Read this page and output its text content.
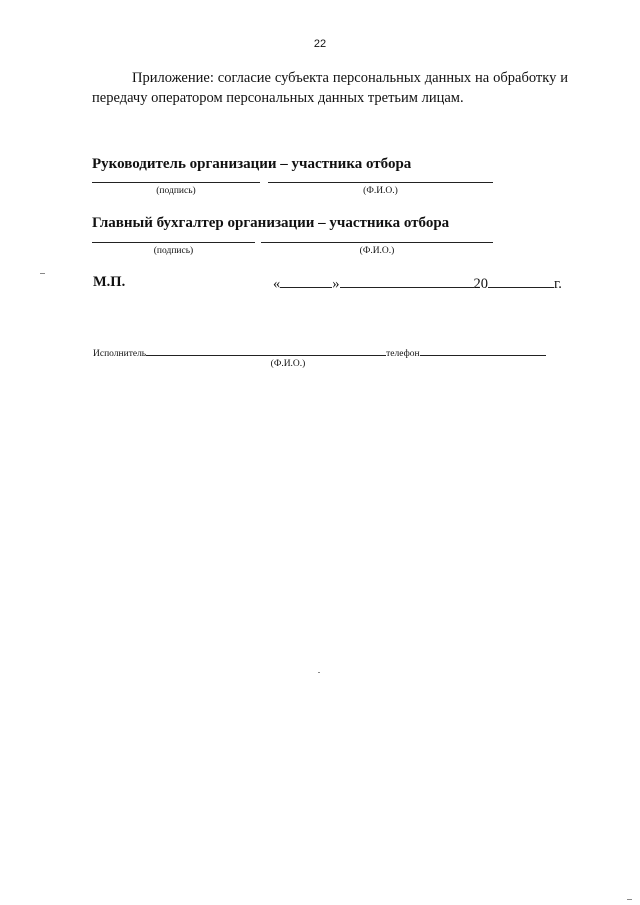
22
Приложение: согласие субъекта персональных данных на обработку и передачу оператором персональных данных третьим лицам.
Руководитель организации – участника отбора
(подпись)	(Ф.И.О.)
Главный бухгалтер организации – участника отбора
(подпись)	(Ф.И.О.)
М.П.	«	»	20	г.
Исполнитель	телефон
(Ф.И.О.)
